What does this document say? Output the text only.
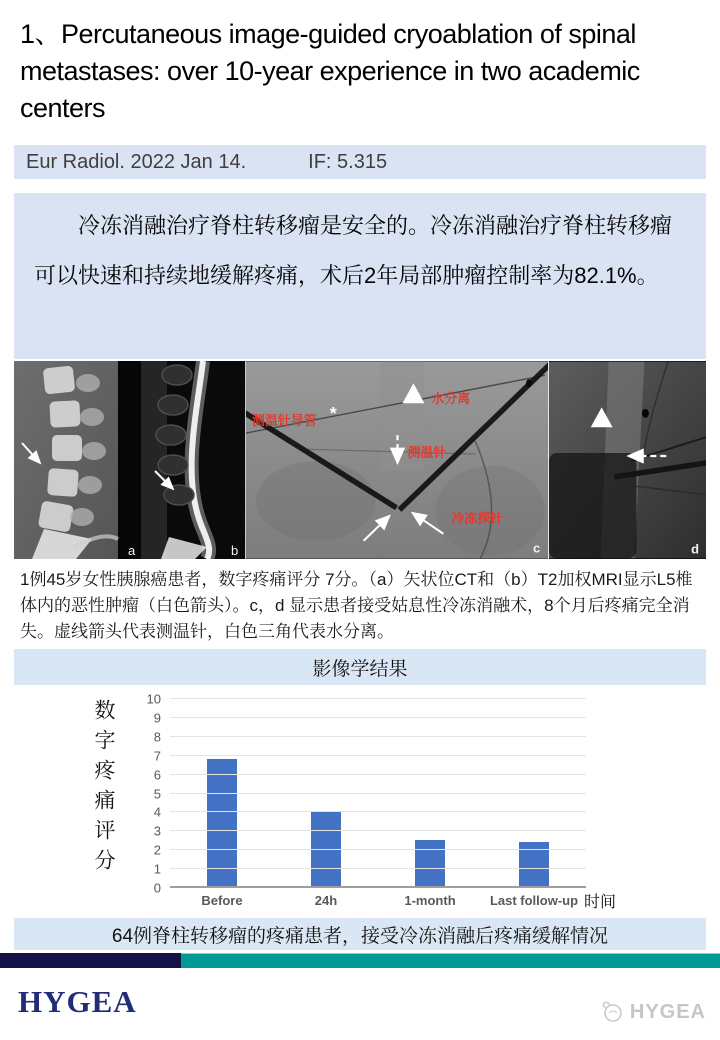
1、Percutaneous image-guided cryoablation of spinal metastases: over 10-year experience in two academic centers
Eur Radiol. 2022 Jan 14.	IF: 5.315

冷冻消融治疗脊柱转移瘤是安全的。冷冻消融治疗脊柱转移瘤可以快速和持续地缓解疼痛，术后2年局部肿瘤控制率为82.1%。

a	b
*
测温针导管
水分离
测温针
冷冻探针
c	d
1例45岁女性胰腺癌患者，数字疼痛评分 7分。（a）矢状位CT和（b）T2加权MRI显示L5椎体内的恶性肿瘤（白色箭头）。c，d 显示患者接受姑息性冷冻消融术，8个月后疼痛完全消失。虚线箭头代表测温针，白色三角代表水分离。
影像学结果
数字疼痛评分
0
1
2
3
4
5
6
7
8
9
10
Before	24h	1-month	Last follow-up 时间
64例脊柱转移瘤的疼痛患者，接受冷冻消融后疼痛缓解情况
HYGEA	HYGEA
